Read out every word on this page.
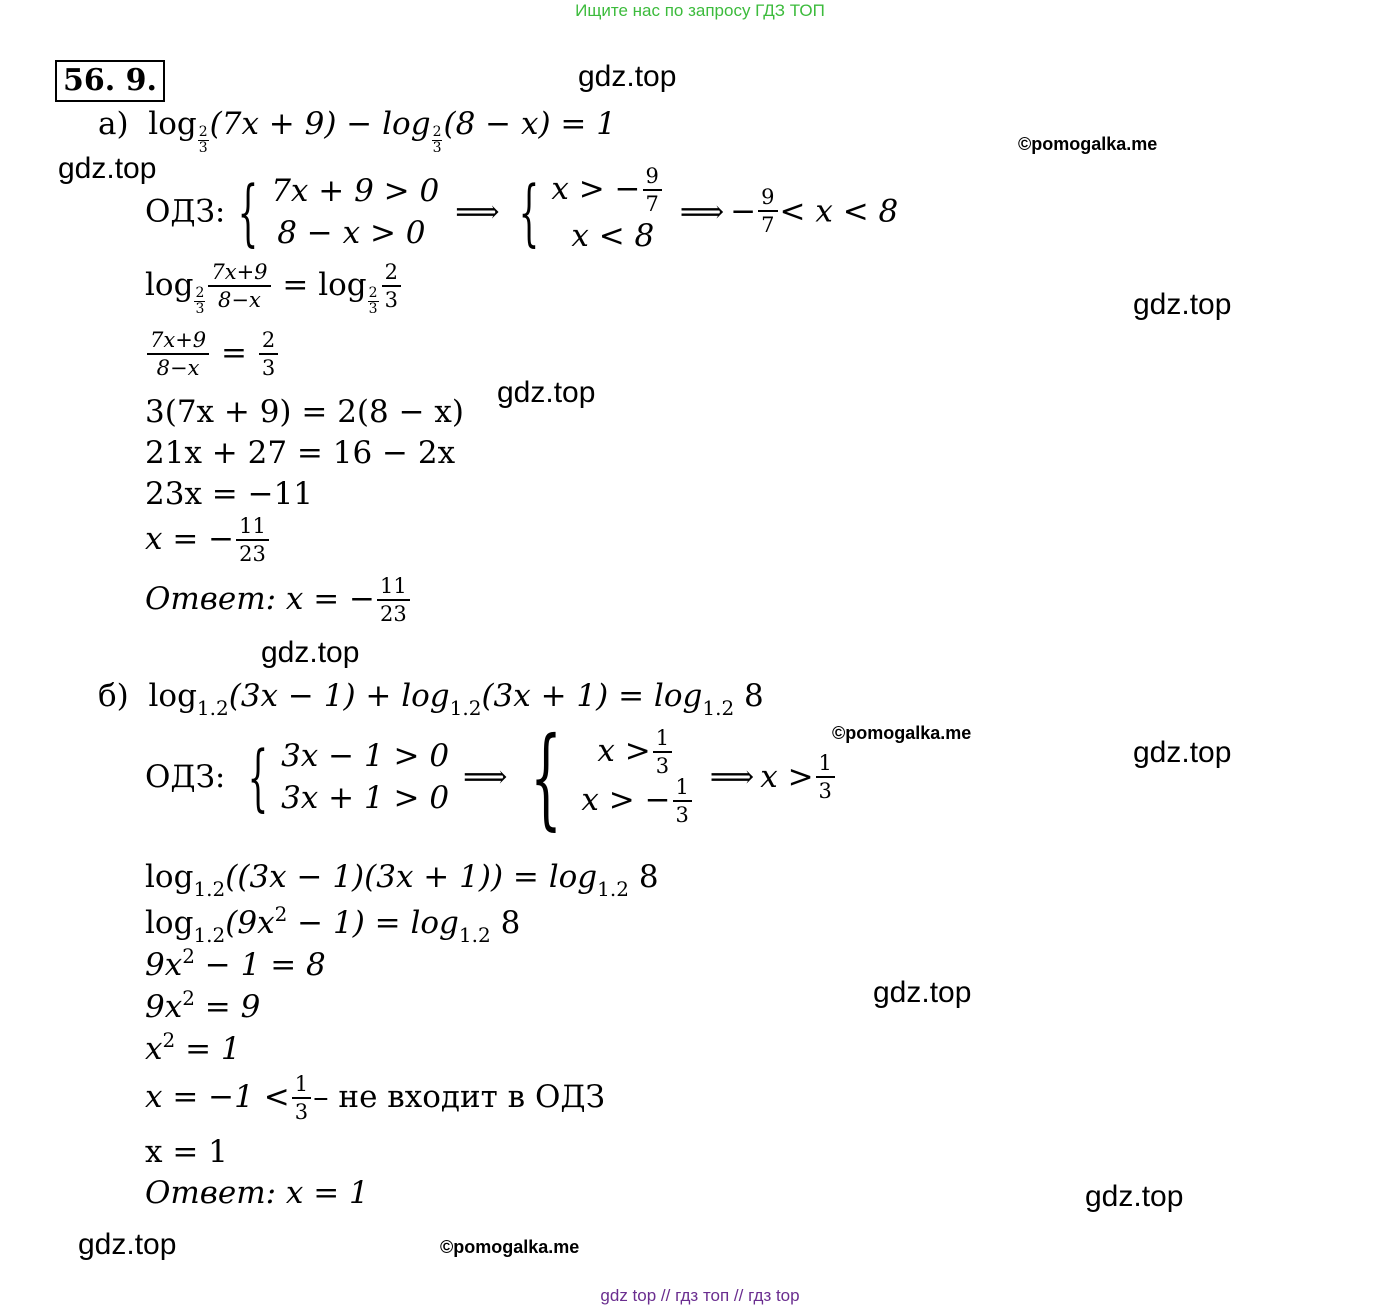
Ищите нас по запросу ГДЗ ТОП
56. 9.	gdz.top
gdz.top
gdz.top
gdz.top
gdz.top
gdz.top
gdz.top
gdz.top
gdz.top
©pomogalka.me
©pomogalka.me
©pomogalka.me
а) $\log \frac{2}{3} (7x + 9) - \log \frac{2}{3} (8 - x) = 1$
ОДЗ: { 7x + 9 > 0
8 − x > 0
⟹ { x > − $\frac{9}{7}$
x < 8
⟹ − $\frac{9}{7} < x < 8$
$\log \frac{2}{3} \frac{7x+9}{8-x} = \log \frac{2}{3} \frac{2}{3}$
$\frac{7x+9}{8-x} = \frac{2}{3}$
3(7x + 9) = 2(8 − x)
21x + 27 = 16 − 2x
23x = −11
x = − $\frac{11}{23}$
Ответ: x = − $\frac{11}{23}$
б) $\log_{1.2}(3x - 1) + \log_{1.2}(3x + 1) = \log_{1.2} 8$
ОДЗ: { 3x − 1 > 0
3x + 1 > 0
⟹ {	$x > \frac{1}{3}$
x > − $\frac{1}{3}$ ⟹ $x > \frac{1}{3}$
$\log_{1.2}((3x - 1)(3x + 1)) = \log_{1.2} 8$
$\log_{1.2}(9x^2 - 1) = \log_{1.2} 8$
$9x^2 - 1 = 8$
$9x^2 = 9$
$x^2 = 1$
$x = -1 < \frac{1}{3}$ – не входит в ОДЗ
x = 1
Ответ: x = 1
gdz top // гдз топ // гдз top
